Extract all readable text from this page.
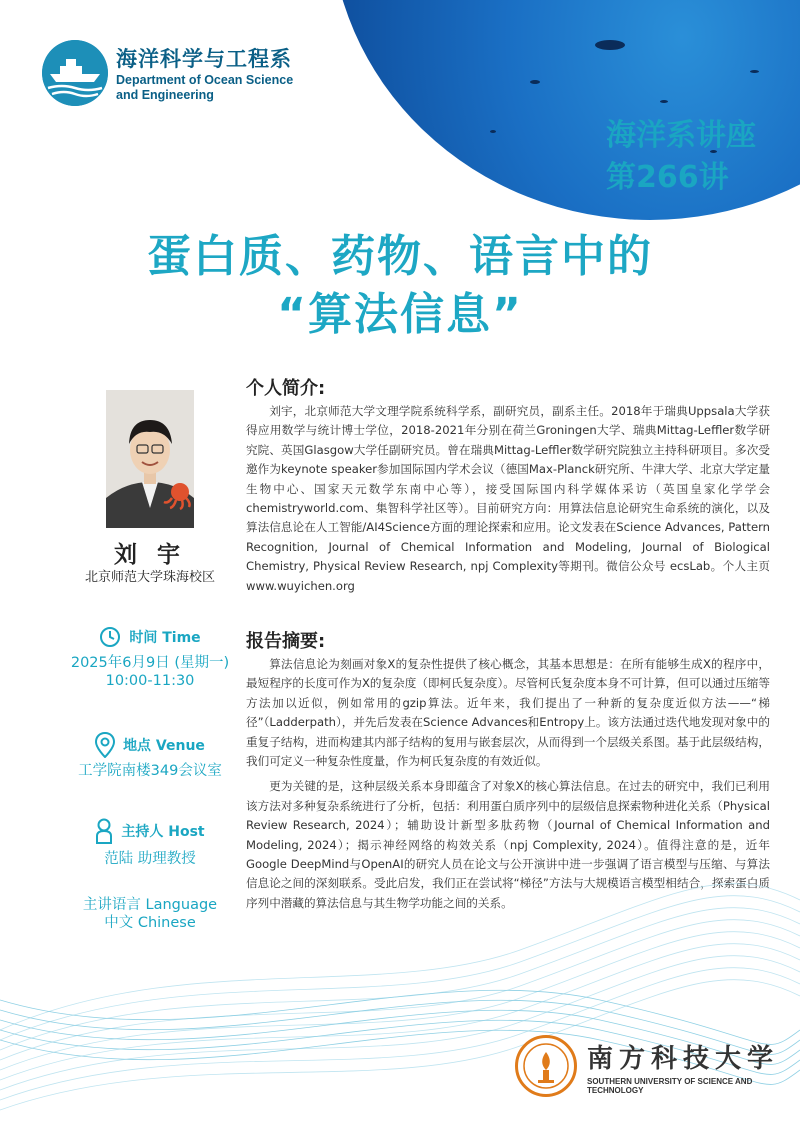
海洋科学与工程系
Department of Ocean Science
and Engineering
海洋系讲座
第266讲
蛋白质、药物、语言中的
“算法信息”
刘 宇
北京师范大学珠海校区
时间 Time
2025年6月9日 (星期一)
10:00-11:30
地点 Venue
工学院南楼349会议室
主持人 Host
范陆 助理教授
主讲语言 Language
中文 Chinese
个人简介:

刘宇，北京师范大学文理学院系统科学系，副研究员，副系主任。2018年于瑞典Uppsala大学获得应用数学与统计博士学位，2018-2021年分别在荷兰Groningen大学、瑞典Mittag-Leffler数学研究院、英国Glasgow大学任副研究员。曾在瑞典Mittag-Leffler数学研究院独立主持科研项目。多次受邀作为keynote speaker参加国际国内学术会议（德国Max-Planck研究所、牛津大学、北京大学定量生物中心、国家天元数学东南中心等），接受国际国内科学媒体采访（英国皇家化学学会chemistryworld.com、集智科学社区等）。目前研究方向：用算法信息论研究生命系统的演化，以及算法信息论在人工智能/AI4Science方面的理论探索和应用。论文发表在Science Advances, Pattern Recognition, Journal of Chemical Information and Modeling, Journal of Biological Chemistry, Physical Review Research, npj Complexity等期刊。微信公众号 ecsLab。个人主页 www.wuyichen.org

报告摘要:

算法信息论为刻画对象X的复杂性提供了核心概念，其基本思想是：在所有能够生成X的程序中，最短程序的长度可作为X的复杂度（即柯氏复杂度）。尽管柯氏复杂度本身不可计算，但可以通过压缩等方法加以近似，例如常用的gzip算法。近年来，我们提出了一种新的复杂度近似方法——“梯径”（Ladderpath），并先后发表在Science Advances和Entropy上。该方法通过迭代地发现对象中的重复子结构，进而构建其内部子结构的复用与嵌套层次，从而得到一个层级关系图。基于此层级结构，我们可定义一种复杂性度量，作为柯氏复杂度的有效近似。

更为关键的是，这种层级关系本身即蕴含了对象X的核心算法信息。在过去的研究中，我们已利用该方法对多种复杂系统进行了分析，包括：利用蛋白质序列中的层级信息探索物种进化关系（Physical Review Research, 2024）；辅助设计新型多肽药物（Journal of Chemical Information and Modeling, 2024）；揭示神经网络的构效关系（npj Complexity, 2024）。值得注意的是，近年Google DeepMind与OpenAI的研究人员在论文与公开演讲中进一步强调了语言模型与压缩、与算法信息论之间的深刻联系。受此启发，我们正在尝试将“梯径”方法与大规模语言模型相结合，探索蛋白质序列中潜藏的算法信息与其生物学功能之间的关系。

南方科技大学
SOUTHERN UNIVERSITY OF SCIENCE AND TECHNOLOGY
